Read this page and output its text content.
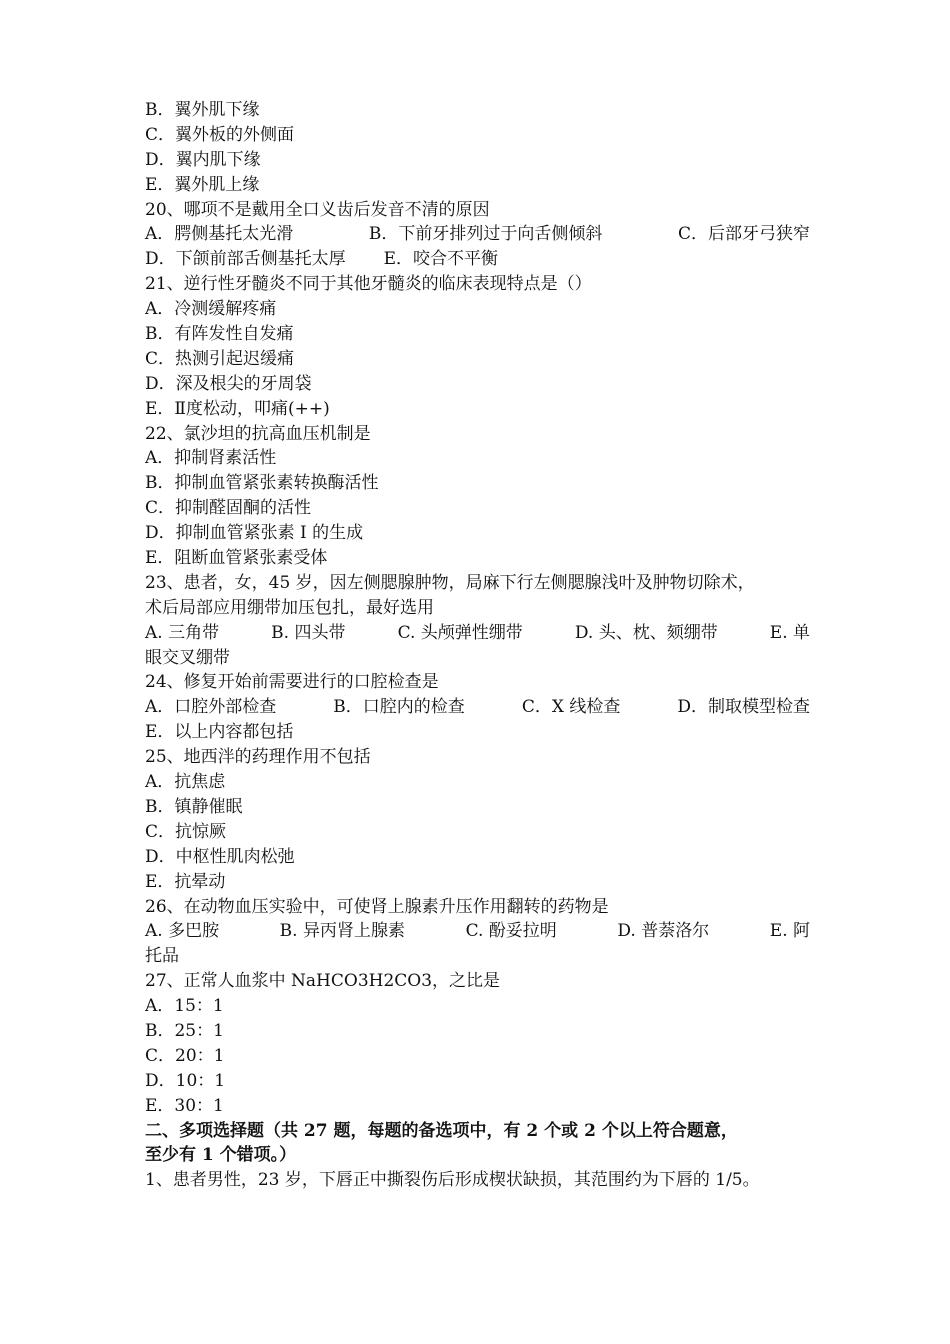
B．翼外肌下缘
C．翼外板的外侧面
D．翼内肌下缘
E．翼外肌上缘
20、哪项不是戴用全口义齿后发音不清的原因
A．腭侧基托太光滑	B．下前牙排列过于向舌侧倾斜	C．后部牙弓狭窄
D．下颌前部舌侧基托太厚 E．咬合不平衡
21、逆行性牙髓炎不同于其他牙髓炎的临床表现特点是（）
A．冷测缓解疼痛
B．有阵发性自发痛
C．热测引起迟缓痛
D．深及根尖的牙周袋
E．Ⅱ度松动，叩痛(++)
22、氯沙坦的抗高血压机制是
A．抑制肾素活性
B．抑制血管紧张素转换酶活性
C．抑制醛固酮的活性
D．抑制血管紧张素 I 的生成
E．阻断血管紧张素受体
23、患者，女，45 岁，因左侧腮腺肿物，局麻下行左侧腮腺浅叶及肿物切除术，
术后局部应用绷带加压包扎，最好选用
A. 三角带	B. 四头带	C. 头颅弹性绷带	D. 头、枕、颏绷带	E. 单
眼交叉绷带
24、修复开始前需要进行的口腔检查是
A．口腔外部检查	B．口腔内的检查	C．X 线检查	D．制取模型检查
E．以上内容都包括
25、地西泮的药理作用不包括
A．抗焦虑
B．镇静催眠
C．抗惊厥
D．中枢性肌肉松弛
E．抗晕动
26、在动物血压实验中，可使肾上腺素升压作用翻转的药物是
A. 多巴胺	B. 异丙肾上腺素	C. 酚妥拉明	D. 普萘洛尔	E. 阿
托品
27、正常人血浆中 NaHCO3H2CO3，之比是
A．15：1
B．25：1
C．20：1
D．10：1
E．30：1
二、多项选择题（共 27 题，每题的备选项中，有 2 个或 2 个以上符合题意，
至少有 1 个错项。）
1、患者男性，23 岁，下唇正中撕裂伤后形成楔状缺损，其范围约为下唇的 1/5。
